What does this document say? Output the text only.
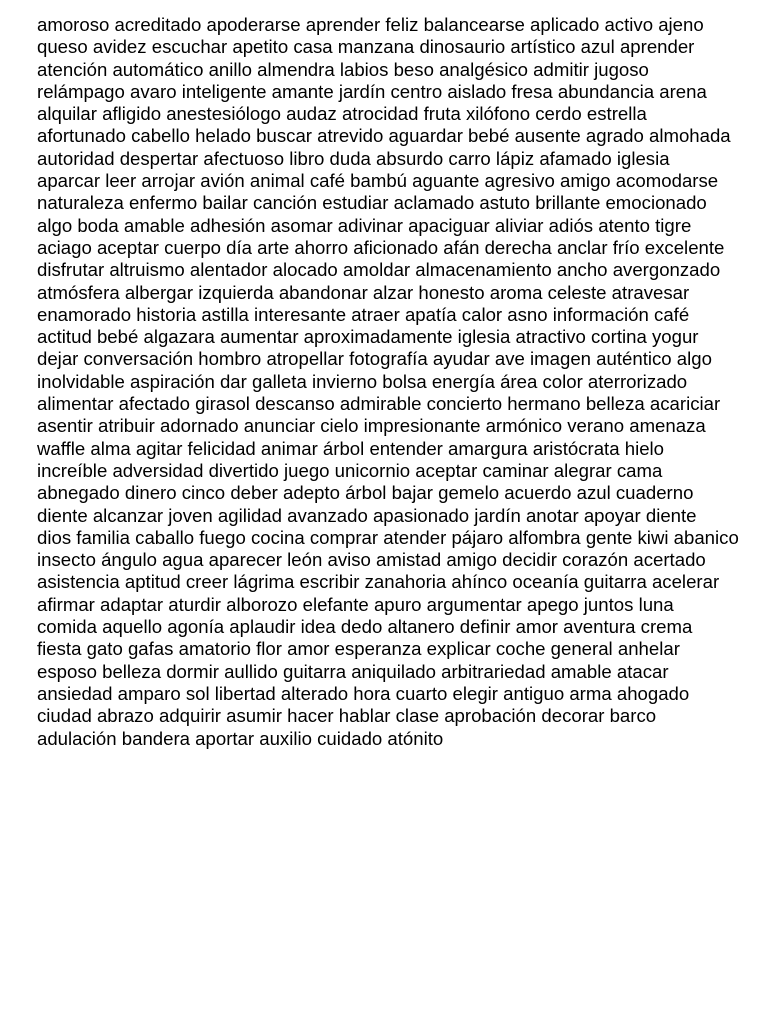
amoroso acreditado apoderarse aprender feliz balancearse aplicado activo ajeno
queso avidez escuchar apetito casa manzana dinosaurio artístico azul aprender
atención automático anillo almendra labios beso analgésico admitir jugoso
relámpago avaro inteligente amante jardín centro aislado fresa abundancia arena
alquilar afligido anestesiólogo audaz atrocidad fruta xilófono cerdo estrella
afortunado cabello helado buscar atrevido aguardar bebé ausente agrado almohada
autoridad despertar afectuoso libro duda absurdo carro lápiz afamado iglesia
aparcar leer arrojar avión animal café bambú aguante agresivo amigo acomodarse
naturaleza enfermo bailar canción estudiar aclamado astuto brillante emocionado
algo boda amable adhesión asomar adivinar apaciguar aliviar adiós atento tigre
aciago aceptar cuerpo día arte ahorro aficionado afán derecha anclar frío excelente
disfrutar altruismo alentador alocado amoldar almacenamiento ancho avergonzado
atmósfera albergar izquierda abandonar alzar honesto aroma celeste atravesar
enamorado historia astilla interesante atraer apatía calor asno información café
actitud bebé algazara aumentar aproximadamente iglesia atractivo cortina yogur
dejar conversación hombro atropellar fotografía ayudar ave imagen auténtico algo
inolvidable aspiración dar galleta invierno bolsa energía área color aterrorizado
alimentar afectado girasol descanso admirable concierto hermano belleza acariciar
asentir atribuir adornado anunciar cielo impresionante armónico verano amenaza
waffle alma agitar felicidad animar árbol entender amargura aristócrata hielo
increíble adversidad divertido juego unicornio aceptar caminar alegrar cama
abnegado dinero cinco deber adepto árbol bajar gemelo acuerdo azul cuaderno
diente alcanzar joven agilidad avanzado apasionado jardín anotar apoyar diente
dios familia caballo fuego cocina comprar atender pájaro alfombra gente kiwi abanico
insecto ángulo agua aparecer león aviso amistad amigo decidir corazón acertado
asistencia aptitud creer lágrima escribir zanahoria ahínco oceanía guitarra acelerar
afirmar adaptar aturdir alborozo elefante apuro argumentar apego juntos luna
comida aquello agonía aplaudir idea dedo altanero definir amor aventura crema
fiesta gato gafas amatorio flor amor esperanza explicar coche general anhelar
esposo belleza dormir aullido guitarra aniquilado arbitrariedad amable atacar
ansiedad amparo sol libertad alterado hora cuarto elegir antiguo arma ahogado
ciudad abrazo adquirir asumir hacer hablar clase aprobación decorar barco
adulación bandera aportar auxilio cuidado atónito
